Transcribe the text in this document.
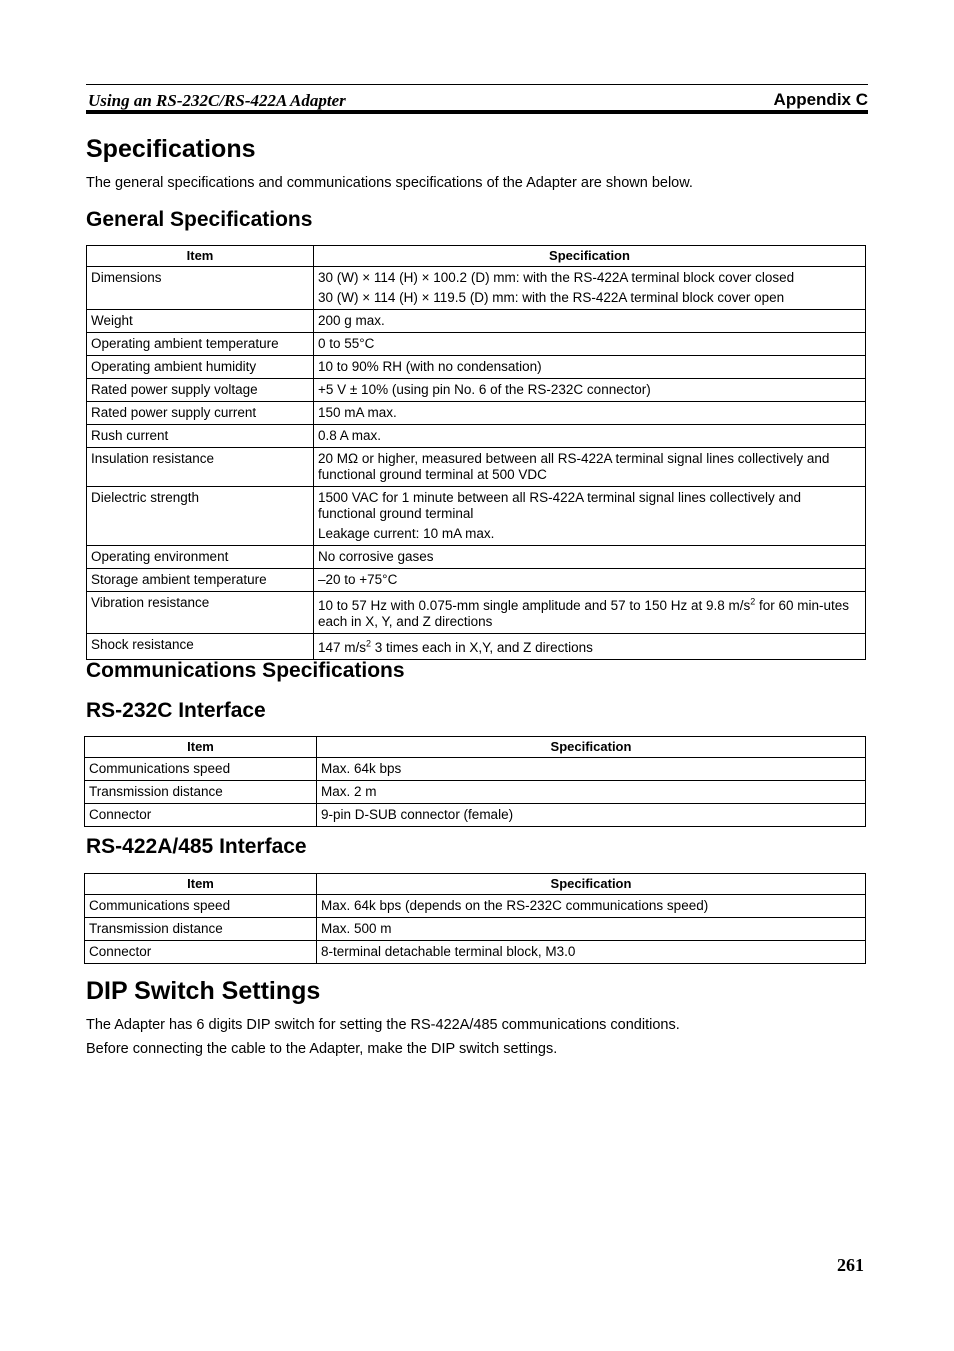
Using an RS-232C/RS-422A Adapter	Appendix C
Specifications

The general specifications and communications specifications of the Adapter are shown below.

General Specifications
Item	Specification
Dimensions	30 (W) × 114 (H) × 100.2 (D) mm: with the RS-422A terminal block cover closed

30 (W) × 114 (H) × 119.5 (D) mm: with the RS-422A terminal block cover open

Weight	200 g max.
Operating ambient temperature	0 to 55°C
Operating ambient humidity	10 to 90% RH (with no condensation)
Rated power supply voltage	+5 V ± 10% (using pin No. 6 of the RS-232C connector)
Rated power supply current	150 mA max.
Rush current	0.8 A max.
Insulation resistance	20 MΩ or higher, measured between all RS-422A terminal signal lines collectively and functional ground terminal at 500 VDC
Dielectric strength	1500 VAC for 1 minute between all RS-422A terminal signal lines collectively and functional ground terminal

Leakage current: 10 mA max.

Operating environment	No corrosive gases
Storage ambient temperature	–20 to +75°C
Vibration resistance	10 to 57 Hz with 0.075-mm single amplitude and 57 to 150 Hz at 9.8 $m/s^2$ for 60 min-utes each in X, Y, and Z directions
Shock resistance	147 $m/s^2$ 3 times each in X,Y, and Z directions
Communications Specifications
RS-232C Interface
Item	Specification
Communications speed	Max. 64k bps
Transmission distance	Max. 2 m
Connector	9-pin D-SUB connector (female)
RS-422A/485 Interface
Item	Specification
Communications speed	Max. 64k bps (depends on the RS-232C communications speed)
Transmission distance	Max. 500 m
Connector	8-terminal detachable terminal block, M3.0
DIP Switch Settings

The Adapter has 6 digits DIP switch for setting the RS-422A/485 communications conditions.

Before connecting the cable to the Adapter, make the DIP switch settings.

261
